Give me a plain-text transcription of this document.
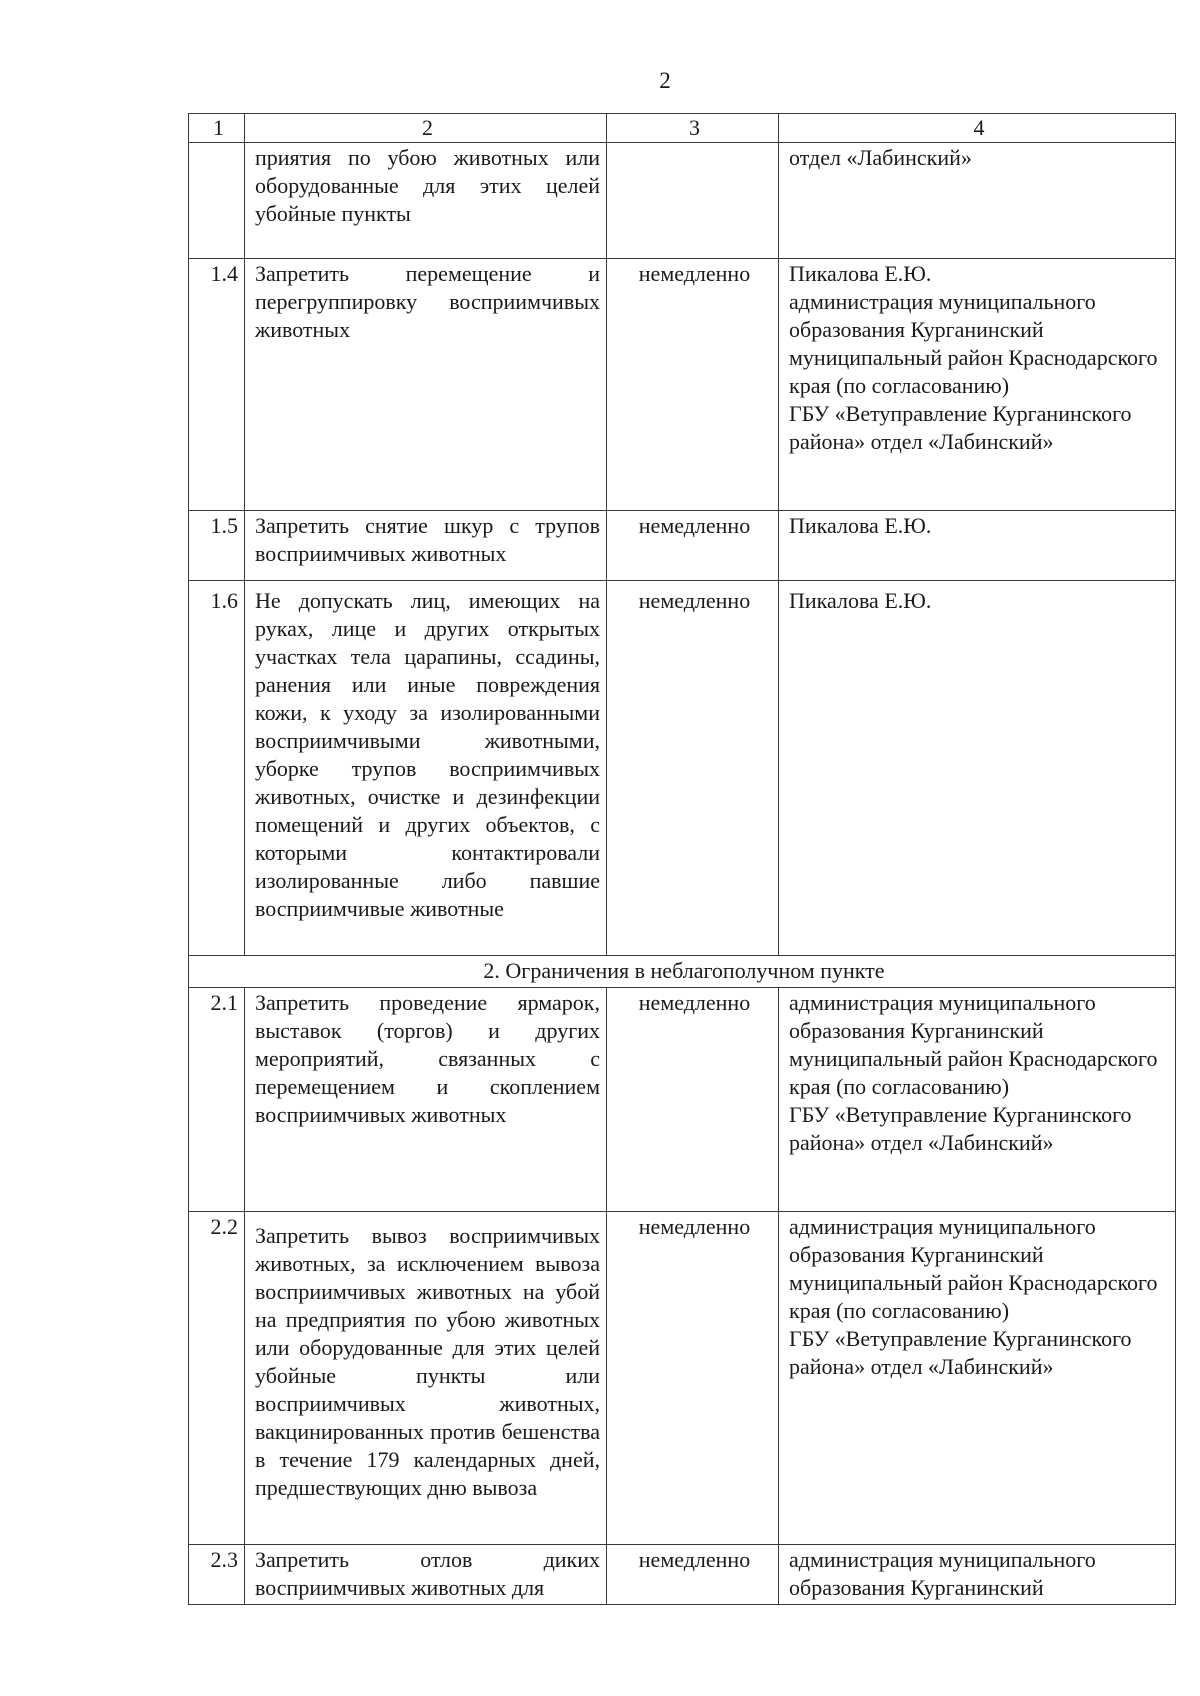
2
1	2	3	4
	приятия по убою животных или оборудованные для этих целей убойные пункты		отдел «Лабинский»

1.4	Запретить перемещение и перегруппировку восприимчивых животных	немедленно	Пикалова Е.Ю.
администрация муниципального образования Курганинский муниципальный район Краснодарского края (по согласованию)
ГБУ «Ветуправление Курганинского района» отдел «Лабинский»

1.5	Запретить снятие шкур с трупов восприимчивых животных	немедленно	Пикалова Е.Ю.

1.6	Не допускать лиц, имеющих на руках, лице и других открытых участках тела царапины, ссадины, ранения или иные повреждения кожи, к уходу за изолированными восприимчивыми животными, уборке трупов восприимчивых животных, очистке и дезинфекции помещений и других объектов, с которыми контактировали изолированные либо павшие восприимчивые животные	немедленно	Пикалова Е.Ю.

2. Ограничения в неблагополучном пункте			
2.1	Запретить проведение ярмарок, выставок (торгов) и других мероприятий, связанных с перемещением и скоплением восприимчивых животных	немедленно	администрация муниципального образования Курганинский муниципальный район Краснодарского края (по согласованию)
ГБУ «Ветуправление Курганинского района» отдел «Лабинский»

2.2	Запретить вывоз восприимчивых животных, за исключением вывоза восприимчивых животных на убой на предприятия по убою животных или оборудованные для этих целей убойные пункты или восприимчивых животных, вакцинированных против бешенства в течение 179 календарных дней, предшествующих дню вывоза	немедленно	администрация муниципального образования Курганинский муниципальный район Краснодарского края (по согласованию)
ГБУ «Ветуправление Курганинского района» отдел «Лабинский»

2.3	Запретить отлов диких восприимчивых животных для	немедленно	администрация муниципального образования Курганинский
